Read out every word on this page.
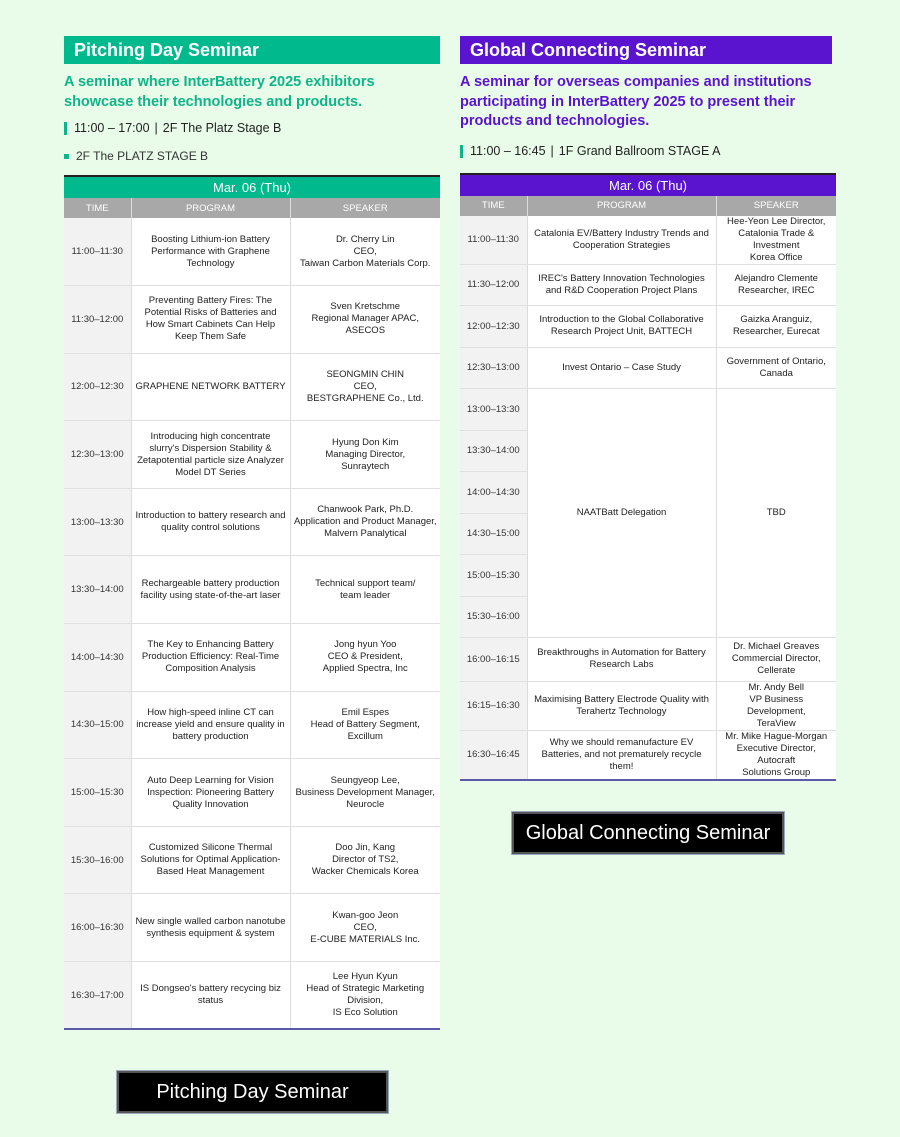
Pitching Day Seminar
A seminar where InterBattery 2025 exhibitors showcase their technologies and products.
11:00 – 17:00 | 2F The Platz Stage B
2F The PLATZ STAGE B
Mar. 06 (Thu)		
TIME	PROGRAM	SPEAKER
11:00–11:30	Boosting Lithium-ion Battery Performance with Graphene Technology	Dr. Cherry Lin
CEO,
Taiwan Carbon Materials Corp.
11:30–12:00	Preventing Battery Fires: The Potential Risks of Batteries and How Smart Cabinets Can Help Keep Them Safe	Sven Kretschme
Regional Manager APAC,
ASECOS
12:00–12:30	GRAPHENE NETWORK BATTERY	SEONGMIN CHIN
CEO,
BESTGRAPHENE Co., Ltd.
12:30–13:00	Introducing high concentrate slurry's Dispersion Stability & Zetapotential particle size Analyzer Model DT Series	Hyung Don Kim
Managing Director,
Sunraytech
13:00–13:30	Introduction to battery research and quality control solutions	Chanwook Park, Ph.D.
Application and Product Manager,
Malvern Panalytical
13:30–14:00	Rechargeable battery production facility using state-of-the-art laser	Technical support team/
team leader
14:00–14:30	The Key to Enhancing Battery Production Efficiency: Real-Time Composition Analysis	Jong hyun Yoo
CEO & President,
Applied Spectra, Inc
14:30–15:00	How high-speed inline CT can increase yield and ensure quality in battery production	Emil Espes
Head of Battery Segment,
Excillum
15:00–15:30	Auto Deep Learning for Vision Inspection: Pioneering Battery Quality Innovation	Seungyeop Lee,
Business Development Manager,
Neurocle
15:30–16:00	Customized Silicone Thermal Solutions for Optimal Application-Based Heat Management	Doo Jin, Kang
Director of TS2,
Wacker Chemicals Korea
16:00–16:30	New single walled carbon nanotube synthesis equipment & system	Kwan-goo Jeon
CEO,
E-CUBE MATERIALS Inc.
16:30–17:00	IS Dongseo's battery recycing biz status	Lee Hyun Kyun
Head of Strategic Marketing Division,
IS Eco Solution
Global Connecting Seminar
A seminar for overseas companies and institutions participating in InterBattery 2025 to present their products and technologies.
11:00 – 16:45 | 1F Grand Ballroom STAGE A
Mar. 06 (Thu)		
TIME	PROGRAM	SPEAKER
11:00–11:30	Catalonia EV/Battery Industry Trends and Cooperation Strategies	Hee-Yeon Lee Director,
Catalonia Trade & Investment
Korea Office
11:30–12:00	IREC's Battery Innovation Technologies and R&D Cooperation Project Plans	Alejandro Clemente
Researcher, IREC
12:00–12:30	Introduction to the Global Collaborative Research Project Unit, BATTECH	Gaizka Aranguiz,
Researcher, Eurecat
12:30–13:00	Invest Ontario – Case Study	Government of Ontario,
Canada
13:00–13:30	NAATBatt Delegation	TBD
13:30–14:00		
14:00–14:30		
14:30–15:00		
15:00–15:30		
15:30–16:00		
16:00–16:15	Breakthroughs in Automation for Battery Research Labs	Dr. Michael Greaves
Commercial Director,
Cellerate
16:15–16:30	Maximising Battery Electrode Quality with Terahertz Technology	Mr. Andy Bell
VP Business Development,
TeraView
16:30–16:45	Why we should remanufacture EV Batteries, and not prematurely recycle them!	Mr. Mike Hague-Morgan
Executive Director, Autocraft
Solutions Group
Global Connecting Seminar
Pitching Day Seminar
